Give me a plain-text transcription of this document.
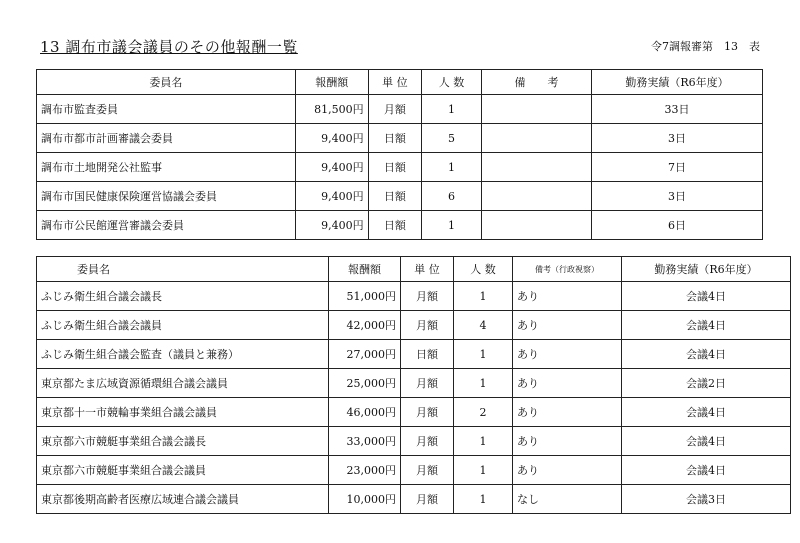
13 調布市議会議員のその他報酬一覧	令7調報審第　13　表
委員名	報酬額	単 位	人 数	備　　考	勤務実績（R6年度）
調布市監査委員	81,500円	月額	1		33日
調布市都市計画審議会委員	9,400円	日額	5		3日
調布市土地開発公社監事	9,400円	日額	1		7日
調布市国民健康保険運営協議会委員	9,400円	日額	6		3日
調布市公民館運営審議会委員	9,400円	日額	1		6日
委員名	報酬額	単 位	人 数	備考（行政視察）	勤務実績（R6年度）
ふじみ衛生組合議会議長	51,000円	月額	1	あり	会議4日
ふじみ衛生組合議会議員	42,000円	月額	4	あり	会議4日
ふじみ衛生組合議会監査（議員と兼務）	27,000円	日額	1	あり	会議4日
東京都たま広域資源循環組合議会議員	25,000円	月額	1	あり	会議2日
東京都十一市競輪事業組合議会議員	46,000円	月額	2	あり	会議4日
東京都六市競艇事業組合議会議長	33,000円	月額	1	あり	会議4日
東京都六市競艇事業組合議会議員	23,000円	月額	1	あり	会議4日
東京都後期高齢者医療広域連合議会議員	10,000円	月額	1	なし	会議3日
